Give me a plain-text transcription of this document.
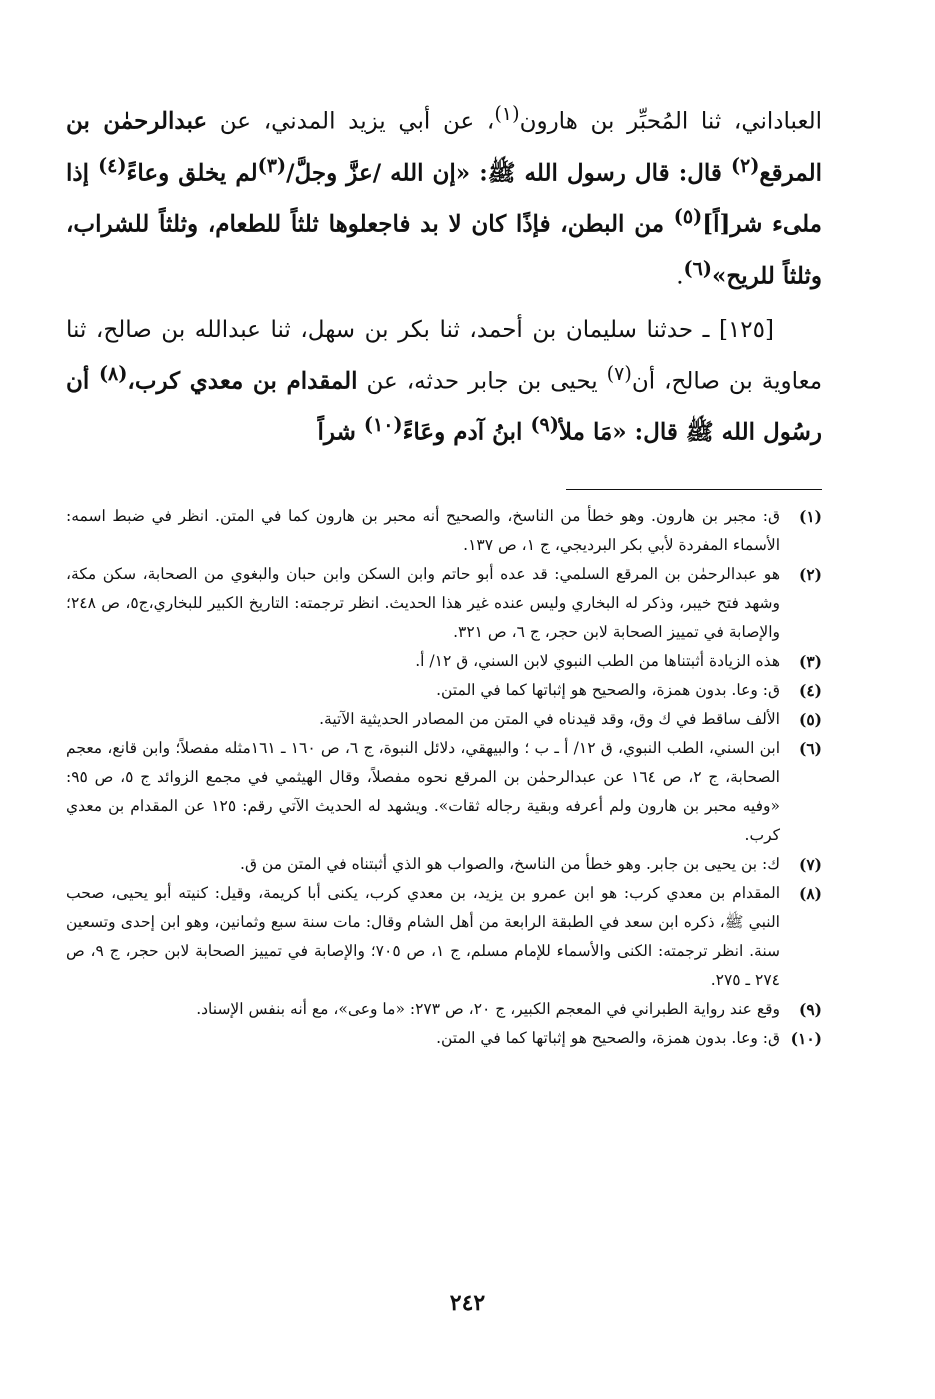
العباداني، ثنا المُحبِّر بن هارون$^{(١)}$، عن أبي يزيد المدني، عن عبدالرحمٰن بن المرقع$^{(٢)}$ قال: قال رسول الله ﷺ: «إن الله /عزَّ وجلَّ/$^{(٣)}$لم يخلق وعاءً$^{(٤)}$ إذا ملىء شر[اً]$^{(٥)}$ من البطن، فإذًا كان لا بد فاجعلوها ثلثاً للطعام، وثلثاً للشراب، وثلثاً للريح»$^{(٦)}$.

[١٢٥] ـ حدثنا سليمان بن أحمد، ثنا بكر بن سهل، ثنا عبدالله بن صالح، ثنا معاوية بن صالح، أن$^{(٧)}$ يحيى بن جابر حدثه، عن المقدام بن معدي كرب،$^{(٨)}$ أن رسُول الله ﷺ قال: «مَا ملأ$^{(٩)}$ ابنُ آدم وعَاءً$^{(١٠)}$ شراً

(١)
ق: مجبر بن هارون. وهو خطأ من الناسخ، والصحيح أنه محبر بن هارون كما في المتن. انظر في ضبط اسمه: الأسماء المفردة لأبي بكر البرديجي، ج ١، ص ١٣٧.
(٢)
هو عبدالرحمٰن بن المرقع السلمي: قد عده أبو حاتم وابن السكن وابن حبان والبغوي من الصحابة، سكن مكة، وشهد فتح خيبر، وذكر له البخاري وليس عنده غير هذا الحديث. انظر ترجمته: التاريخ الكبير للبخاري،ج٥، ص ٢٤٨؛ والإصابة في تمييز الصحابة لابن حجر، ج ٦، ص ٣٢١.
(٣)
هذه الزيادة أثبتناها من الطب النبوي لابن السني، ق ١٢/ أ.
(٤)
ق: وعا. بدون همزة، والصحيح هو إثباتها كما في المتن.
(٥)
الألف ساقط في ك وق، وقد قيدناه في المتن من المصادر الحديثية الآتية.
(٦)
ابن السني، الطب النبوي، ق ١٢/ أ ـ ب ؛ والبيهقي، دلائل النبوة، ج ٦، ص ١٦٠ ـ ١٦١مثله مفصلاً؛ وابن قانع، معجم الصحابة، ج ٢، ص ١٦٤ عن عبدالرحمٰن بن المرقع نحوه مفصلاً، وقال الهيثمي في مجمع الزوائد ج ٥، ص ٩٥: «وفيه محبر بن هارون ولم أعرفه وبقية رجاله ثقات». ويشهد له الحديث الآتي رقم: ١٢٥ عن المقدام بن معدي كرب.
(٧)
ك: بن يحيى بن جابر. وهو خطأ من الناسخ، والصواب هو الذي أثبتناه في المتن من ق.
(٨)
المقدام بن معدي كرب: هو ابن عمرو بن يزيد، بن معدي كرب، يكنى أبا كريمة، وقيل: كنيته أبو يحيى، صحب النبي ﷺ، ذكره ابن سعد في الطبقة الرابعة من أهل الشام وقال: مات سنة سبع وثمانين، وهو ابن إحدى وتسعين سنة. انظر ترجمته: الكنى والأسماء للإمام مسلم، ج ١، ص ٧٠٥؛ والإصابة في تمييز الصحابة لابن حجر، ج ٩، ص ٢٧٤ ـ ٢٧٥.
(٩)
وقع عند رواية الطبراني في المعجم الكبير، ج ٢٠، ص ٢٧٣: «ما وعى»، مع أنه بنفس الإسناد.
(١٠)
ق: وعا. بدون همزة، والصحيح هو إثباتها كما في المتن.
٢٤٢
